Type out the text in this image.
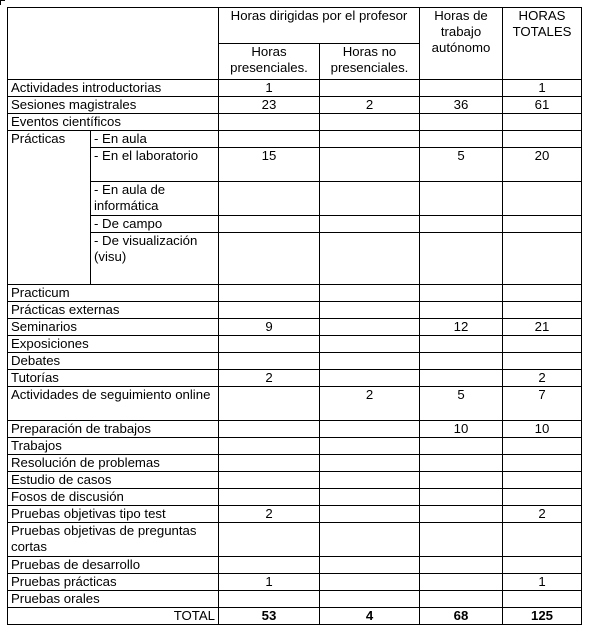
		Horas dirigidas por el profesor		Horas de trabajo autónomo	HORAS TOTALES
		Horas presenciales.	Horas no presenciales.		
Actividades introductorias		1			1
Sesiones magistrales		23	2	36	61
Eventos científicos					
Prácticas	- En aula				
	- En el laboratorio	15		5	20
	- En aula de informática				
	- De campo				
	- De visualización (visu)				
Practicum					
Prácticas externas					
Seminarios		9		12	21
Exposiciones					
Debates					
Tutorías		2			2
Actividades de seguimiento online			2	5	7
Preparación de trabajos				10	10
Trabajos					
Resolución de problemas					
Estudio de casos					
Fosos de discusión					
Pruebas objetivas tipo test		2			2
Pruebas objetivas de preguntas cortas					
Pruebas de desarrollo					
Pruebas prácticas		1			1
Pruebas orales					
TOTAL		53	4	68	125
